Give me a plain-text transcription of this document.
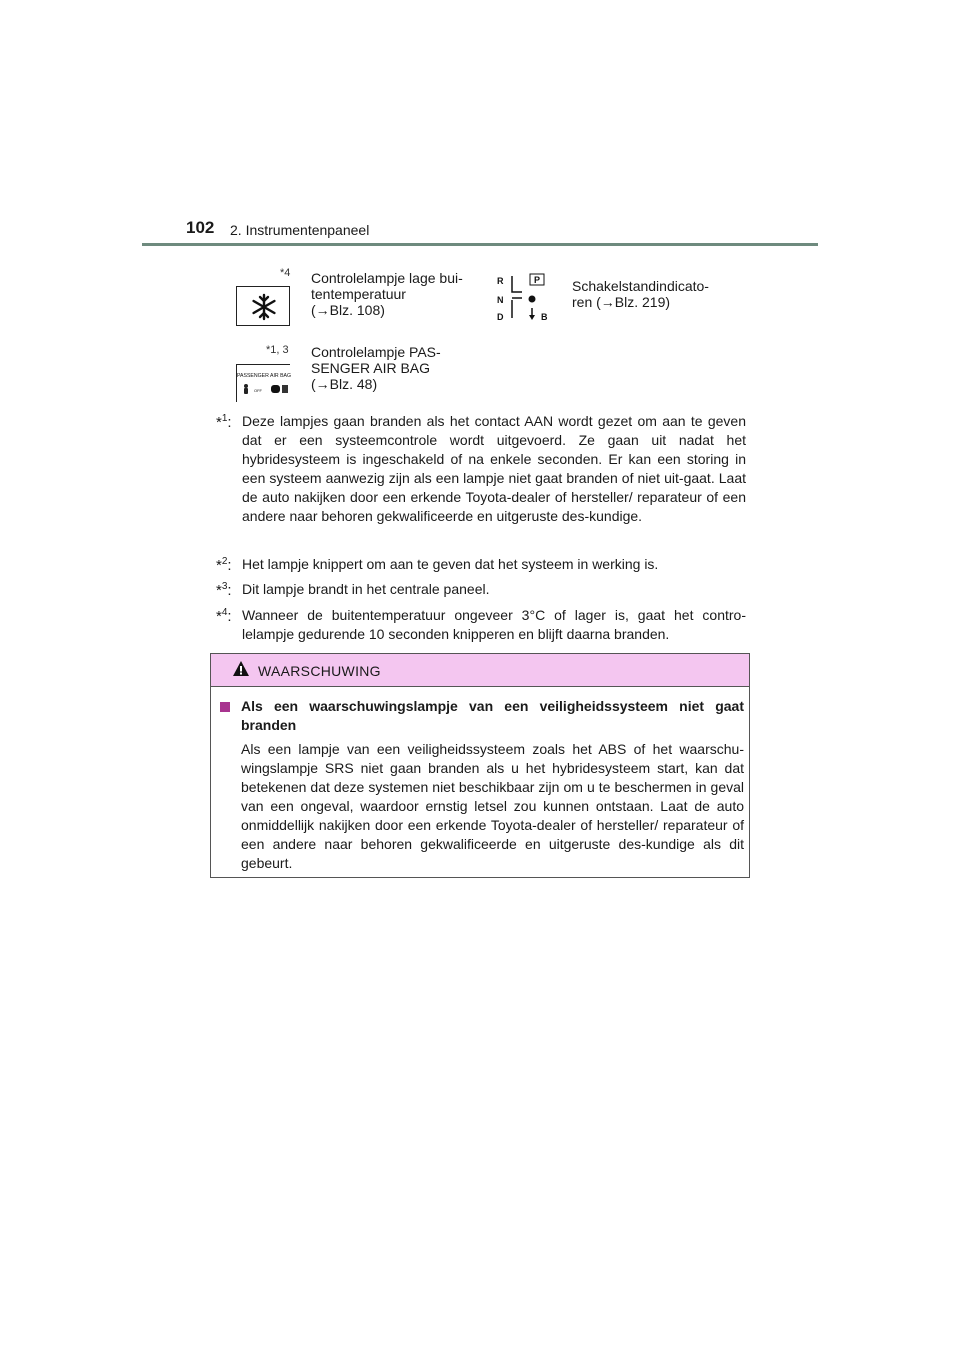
102 2. Instrumentenpaneel
*4 Controlelampje lage bui-
tentemperatuur
(→Blz. 108)
*1, 3
PASSENGER AIR BAG
OFF
Controlelampje PAS-
SENGER AIR BAG
(→Blz. 48)
R	P
N
D	B
Schakelstandindicato-
ren (→Blz. 219)
*$^1$: Deze lampjes gaan branden als het contact AAN wordt gezet om aan te geven dat er een systeemcontrole wordt uitgevoerd. Ze gaan uit nadat het hybridesysteem is ingeschakeld of na enkele seconden. Er kan een storing in een systeem aanwezig zijn als een lampje niet gaat branden of niet uit-gaat. Laat de auto nakijken door een erkende Toyota-dealer of hersteller/ reparateur of een andere naar behoren gekwalificeerde en uitgeruste des-kundige.
*$^2$: Het lampje knippert om aan te geven dat het systeem in werking is.
*$^3$: Dit lampje brandt in het centrale paneel.
*$^4$: Wanneer de buitentemperatuur ongeveer 3°C of lager is, gaat het contro-lelampje gedurende 10 seconden knipperen en blijft daarna branden.
WAARSCHUWING
Als een waarschuwingslampje van een veiligheidssysteem niet gaat branden
Als een lampje van een veiligheidssysteem zoals het ABS of het waarschu-wingslampje SRS niet gaan branden als u het hybridesysteem start, kan dat betekenen dat deze systemen niet beschikbaar zijn om u te beschermen in geval van een ongeval, waardoor ernstig letsel zou kunnen ontstaan. Laat de auto onmiddellijk nakijken door een erkende Toyota-dealer of hersteller/ reparateur of een andere naar behoren gekwalificeerde en uitgeruste des-kundige als dit gebeurt.
